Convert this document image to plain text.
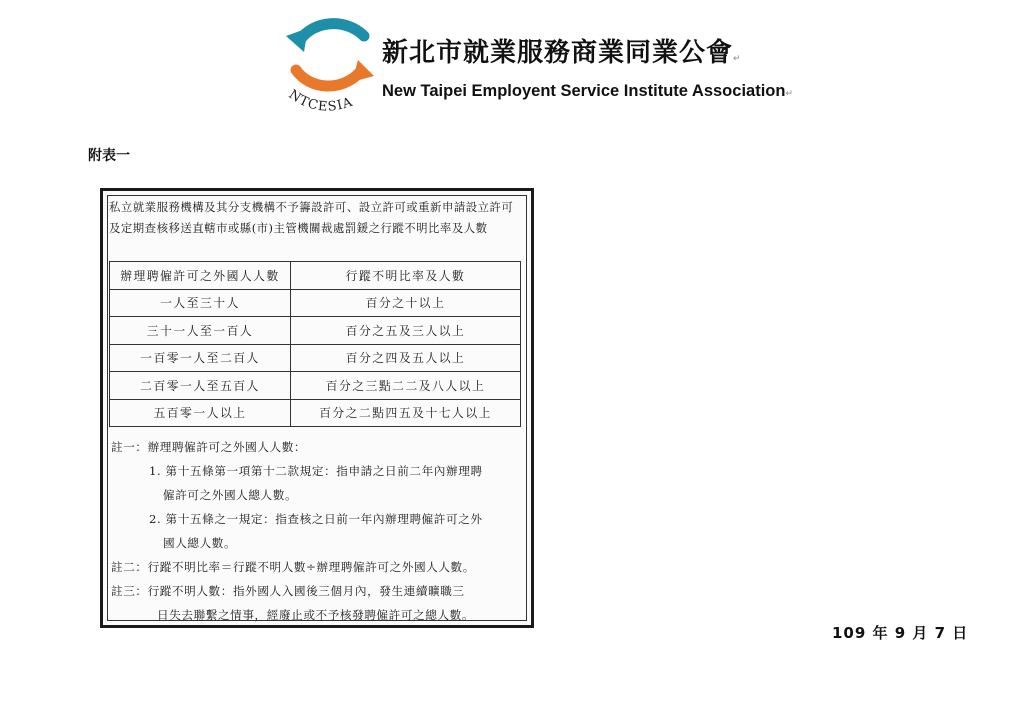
NTCESIA
新北市就業服務商業同業公會↵
New Taipei Employent Service Institute Association↵
附表一
私立就業服務機構及其分支機構不予籌設許可、設立許可或重新申請設立許可及定期查核移送直轄市或縣(市)主管機關裁處罰鍰之行蹤不明比率及人數
辦理聘僱許可之外國人人數	行蹤不明比率及人數
一人至三十人	百分之十以上
三十一人至一百人	百分之五及三人以上
一百零一人至二百人	百分之四及五人以上
二百零一人至五百人	百分之三點二二及八人以上
五百零一人以上	百分之二點四五及十七人以上
註一：辦理聘僱許可之外國人人數：
1. 第十五條第一項第十二款規定：指申請之日前二年內辦理聘
僱許可之外國人總人數。
2. 第十五條之一規定：指查核之日前一年內辦理聘僱許可之外
國人總人數。
註二：行蹤不明比率＝行蹤不明人數÷辦理聘僱許可之外國人人數。
註三：行蹤不明人數：指外國人入國後三個月內，發生連續曠職三
日失去聯繫之情事，經廢止或不予核發聘僱許可之總人數。
109 年 9 月 7 日
